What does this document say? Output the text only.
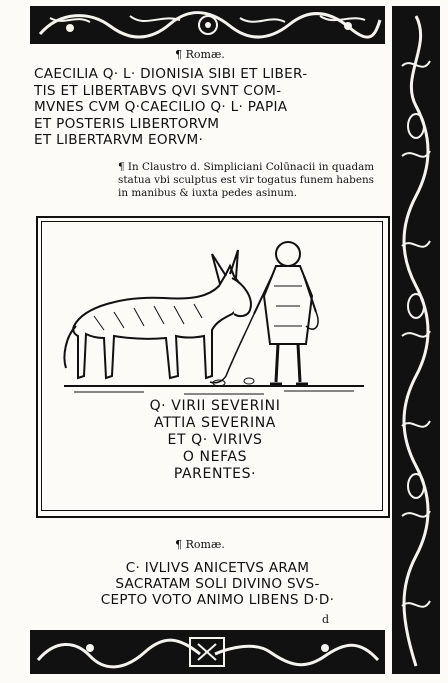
¶ Romæ.
CAECILIA Q· L· DIONISIA SIBI ET LIBER-
TIS ET LIBERTABVS QVI SVNT COM-
MVNES CVM Q·CAECILIO Q· L· PAPIA
ET POSTERIS LIBERTORVM
ET LIBERTARVM EORVM·
¶ In Claustro d. Simpliciani Colūnacii in quadam
statua vbi sculptus est vir togatus funem habens
in manibus & iuxta pedes asinum.
Q· VIRII SEVERINI
ATTIA SEVERINA
ET Q· VIRIVS
O NEFAS
PARENTES·
¶ Romæ.
C· IVLIVS ANICETVS ARAM
SACRATAM SOLI DIVINO SVS-
CEPTO VOTO ANIMO LIBENS D·D·
d
